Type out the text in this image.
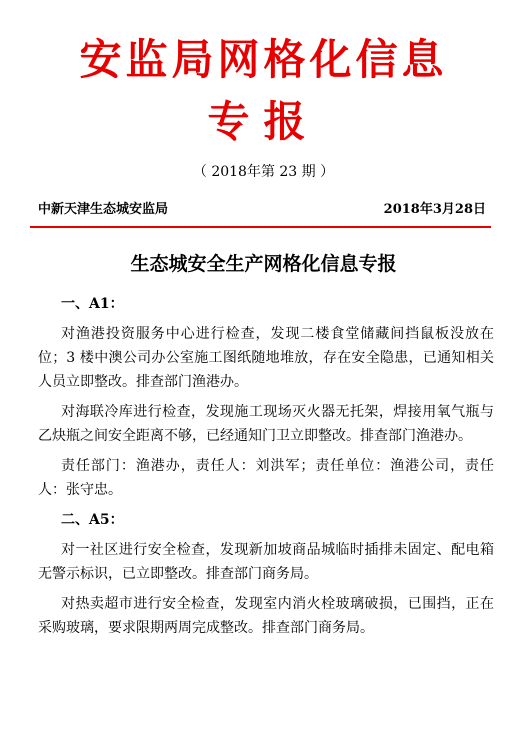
安监局网格化信息
专报
（ 2018年第 23 期 ）
中新天津生态城安监局	2018年3月28日
生态城安全生产网格化信息专报
一、A1：

对渔港投资服务中心进行检查，发现二楼食堂储藏间挡鼠板没放在位；3 楼中澳公司办公室施工图纸随地堆放，存在安全隐患，已通知相关人员立即整改。排查部门渔港办。

对海联冷库进行检查，发现施工现场灭火器无托架，焊接用氧气瓶与乙炔瓶之间安全距离不够，已经通知门卫立即整改。排查部门渔港办。

责任部门：渔港办，责任人：刘洪军；责任单位：渔港公司，责任人：张守忠。

二、A5：

对一社区进行安全检查，发现新加坡商品城临时插排未固定、配电箱无警示标识，已立即整改。排查部门商务局。

对热卖超市进行安全检查，发现室内消火栓玻璃破损，已围挡，正在采购玻璃，要求限期两周完成整改。排查部门商务局。
